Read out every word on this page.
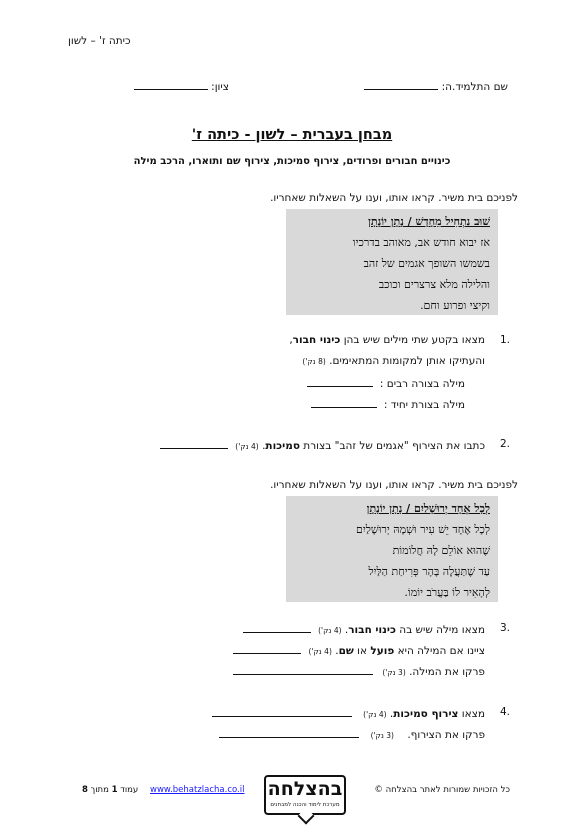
כיתה ז' – לשון
שם התלמיד.ה:
ציון:
מבחן בעברית – לשון - כיתה ז'
כינויים חבורים ופרודים, צירוף סמיכות, צירוף שם ותוארו, הרכב מילה
לפניכם בית משיר. קראו אותו, וענו על השאלות שאחריו.
שׁוּב נַתְחִיל מֵחָדָשׁ / נָתָן יוֹנָתָן
אז יבוא חודש אב, מאוהב בדרכיו
בשמשו השופך אגמים של זהב
והלילה מלא צרצרים וכוכב
וקיצי ופרוע וחם.
1.
מצאו בקטע שתי מילים שיש בהן כינוי חבור,
והעתיקו אותן למקומות המתאימים. (8 נק')
מילה בצורה רבים :
מילה בצורת יחיד :
2.
כתבו את הצירוף "אגמים של זהב" בצורת סמיכות. (4 נק')
לפניכם בית משיר. קראו אותו, וענו על השאלות שאחריו.
לְכָל אֶחָד יְרוּשָׁלַיִם / נָתָן יוֹנָתָן
לְכָל אֶחָד יֵשׁ עִיר וּשְׁמָהּ יְרוּשָׁלַיִם
שֶׁהוּא אוֹלֵם לָהּ חֲלוֹמוֹת
עַד שֶׁתַּעֲלֶה בָּהָר פְּרִיחַת הַלַּיִל
לְהָאִיר לוֹ בַּעֲרֹב יוֹמוֹ.
3.
מצאו מילה שיש בה כינוי חבור. (4 נק')
ציינו אם המילה היא פועל או שם. (4 נק')
פרקו את המילה. (3 נק')
4.
מצאו צירוף סמיכות. (4 נק')
פרקו את הצירוף. (3 נק')
כל הזכויות שמורות לאתר בהצלחה ©
בהצלחה
מערכת לימוד והכנה למבחנים
www.behatzlacha.co.il
עמוד 1 מתוך 8
